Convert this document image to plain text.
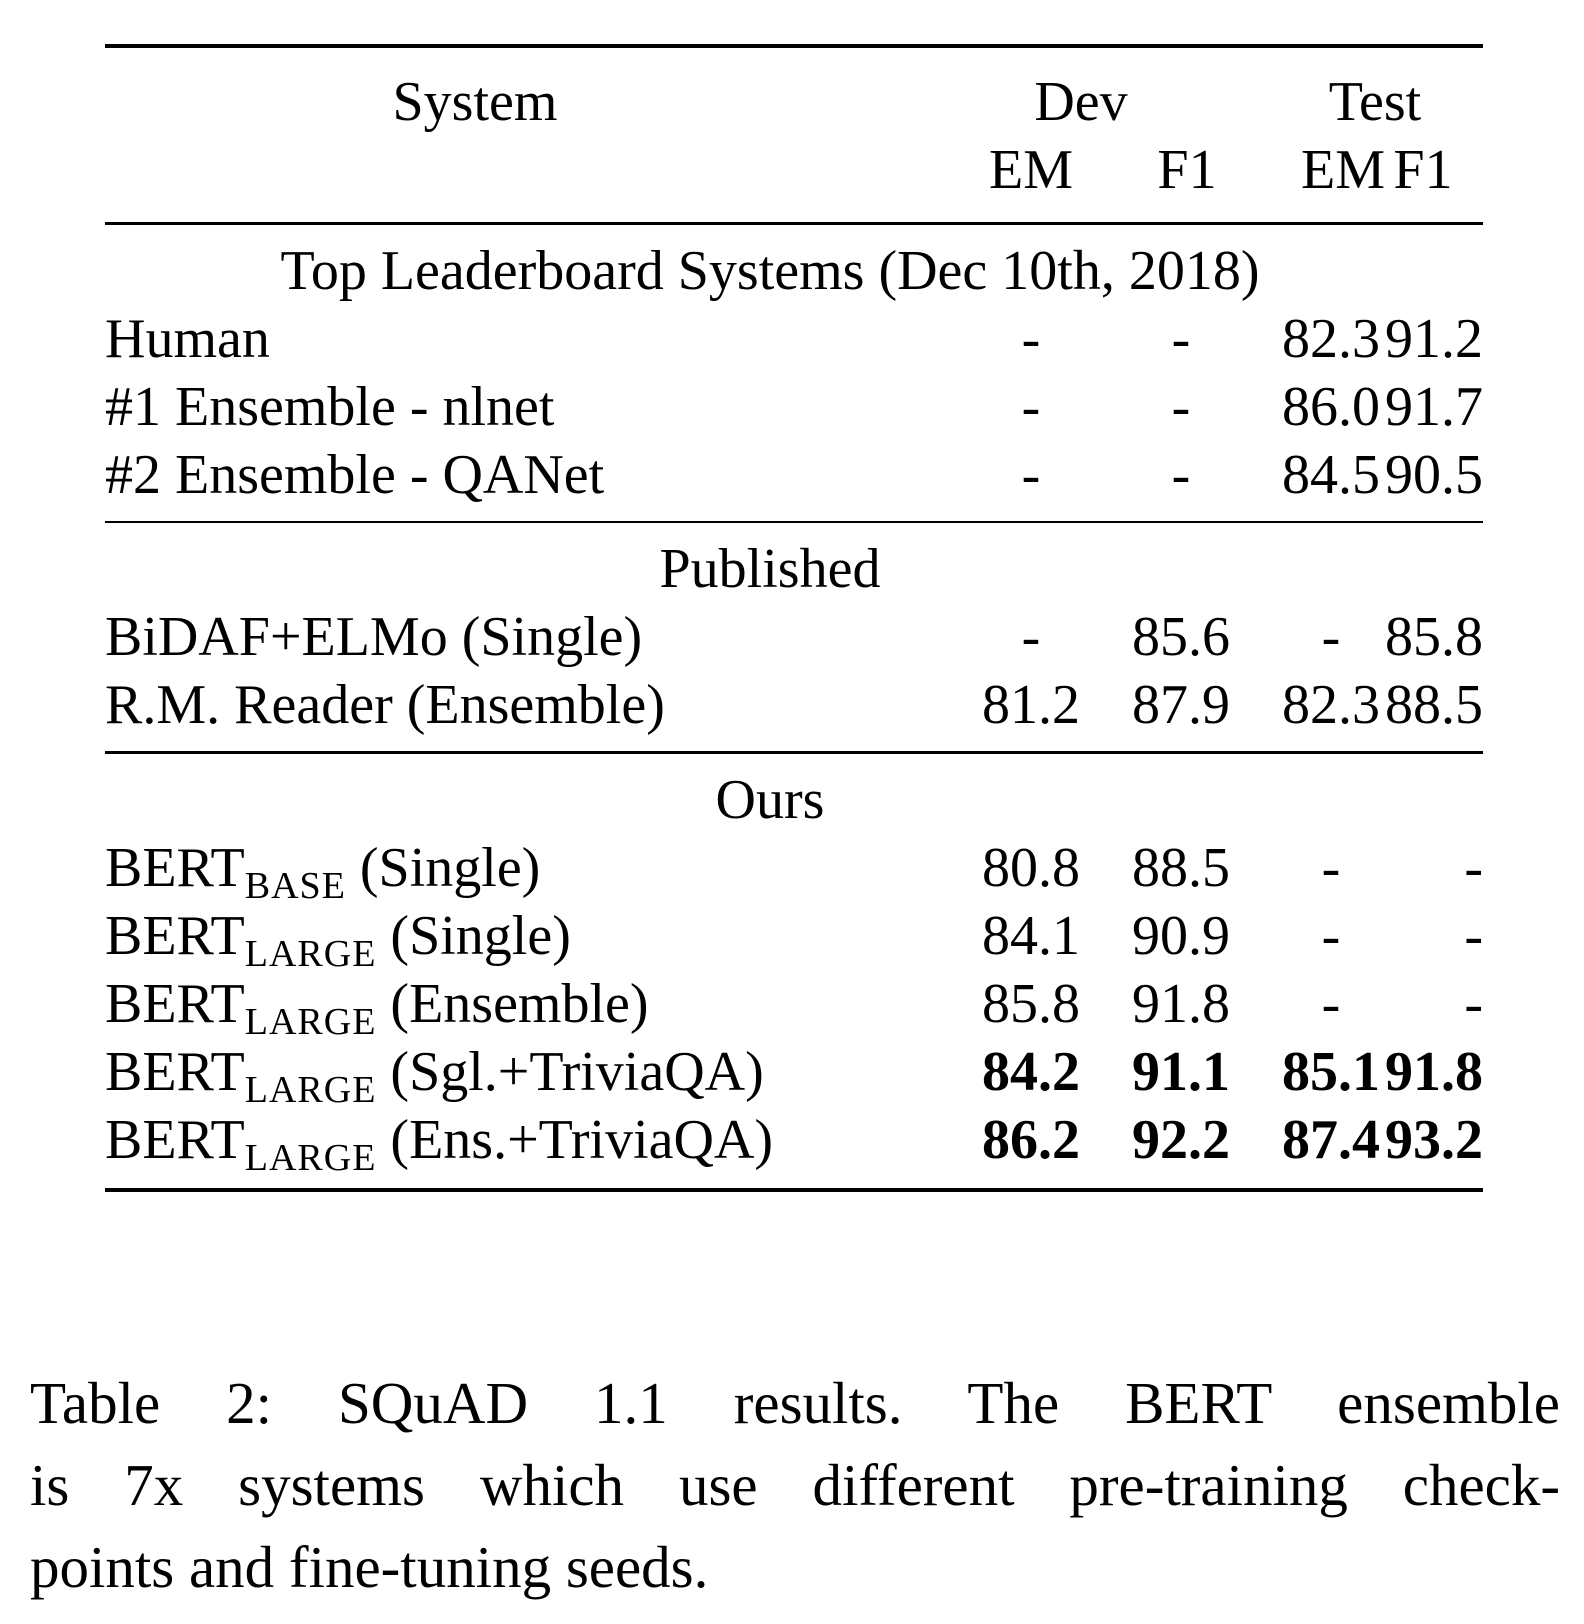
System	Dev	Test
EM	F1	EM F1
Top Leaderboard Systems (Dec 10th, 2018)
Human	-	-	82.3 91.2
#1 Ensemble - nlnet	-	-	86.0 91.7
#2 Ensemble - QANet	-	-	84.5 90.5
Published
BiDAF+ELMo (Single)	-	85.6	- 85.8
R.M. Reader (Ensemble)	81.2 87.9 82.3 88.5
Ours
$BERT_{BASE}$ (Single)	80.8 88.5	-	-
$BERT_{LARGE}$ (Single)	84.1 90.9	-	-
$BERT_{LARGE}$ (Ensemble)	85.8 91.8	-	-
$BERT_{LARGE}$ (Sgl.+TriviaQA)	84.2 91.1 85.1 91.8
$BERT_{LARGE}$ (Ens.+TriviaQA)	86.2 92.2 87.4 93.2
Table 2: SQuAD 1.1 results. The BERT ensemble
is 7x systems which use different pre-training check-
points and fine-tuning seeds.
